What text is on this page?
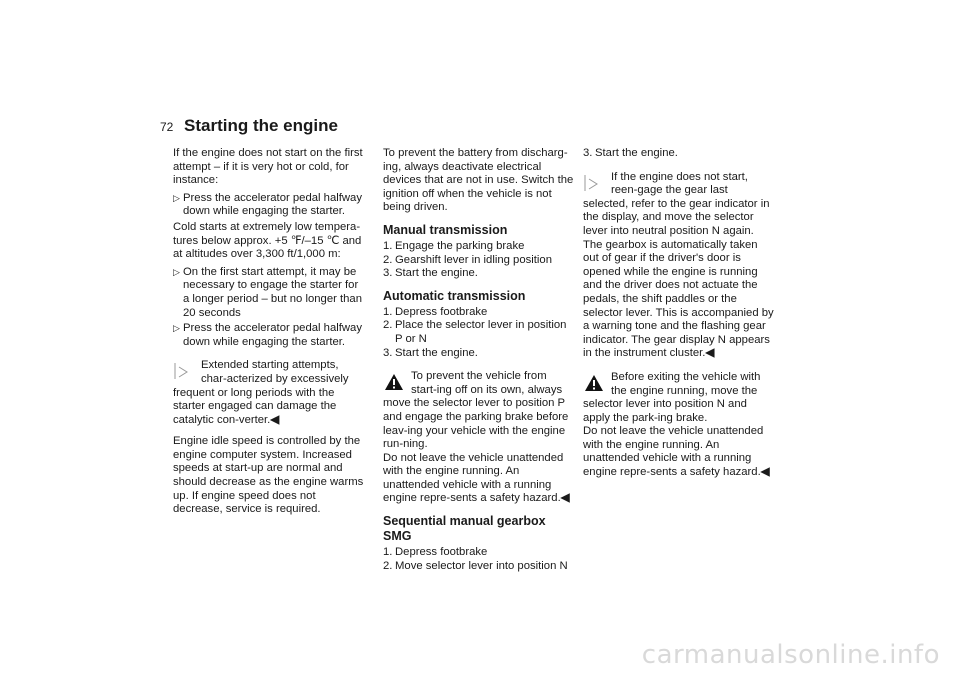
72 Starting the engine

If the engine does not start on the first attempt – if it is very hot or cold, for instance:

▷ Press the accelerator pedal halfway down while engaging the starter.

Cold starts at extremely low tempera-tures below approx. +5 ℉/–15 ℃ and at altitudes over 3,300 ft/1,000 m:

▷ On the first start attempt, it may be necessary to engage the starter for a longer period – but no longer than 20 seconds
▷ Press the accelerator pedal halfway down while engaging the starter.

Extended starting attempts, char-acterized by excessively frequent or long periods with the starter engaged can damage the catalytic con-verter.◀

Engine idle speed is controlled by the engine computer system. Increased speeds at start-up are normal and should decrease as the engine warms up. If engine speed does not decrease, service is required.

To prevent the battery from discharg-ing, always deactivate electrical devices that are not in use. Switch the ignition off when the vehicle is not being driven.

Manual transmission
1. Engage the parking brake
2. Gearshift lever in idling position
3. Start the engine.
Automatic transmission
1. Depress footbrake
2. Place the selector lever in position P or N
3. Start the engine.

To prevent the vehicle from start-ing off on its own, always move the selector lever to position P and engage the parking brake before leav-ing your vehicle with the engine run-ning.

Do not leave the vehicle unattended with the engine running. An unattended vehicle with a running engine repre-sents a safety hazard.◀

Sequential manual gearbox SMG
1. Depress footbrake
2. Move selector lever into position N
3. Start the engine.

If the engine does not start, reen-gage the gear last selected, refer to the gear indicator in the display, and move the selector lever into neutral position N again.

The gearbox is automatically taken out of gear if the driver's door is opened while the engine is running and the driver does not actuate the pedals, the shift paddles or the selector lever. This is accompanied by a warning tone and the flashing gear indicator. The gear display N appears in the instrument cluster.◀

Before exiting the vehicle with the engine running, move the selector lever into position N and apply the park-ing brake.

Do not leave the vehicle unattended with the engine running. An unattended vehicle with a running engine repre-sents a safety hazard.◀

carmanualsonline.info
